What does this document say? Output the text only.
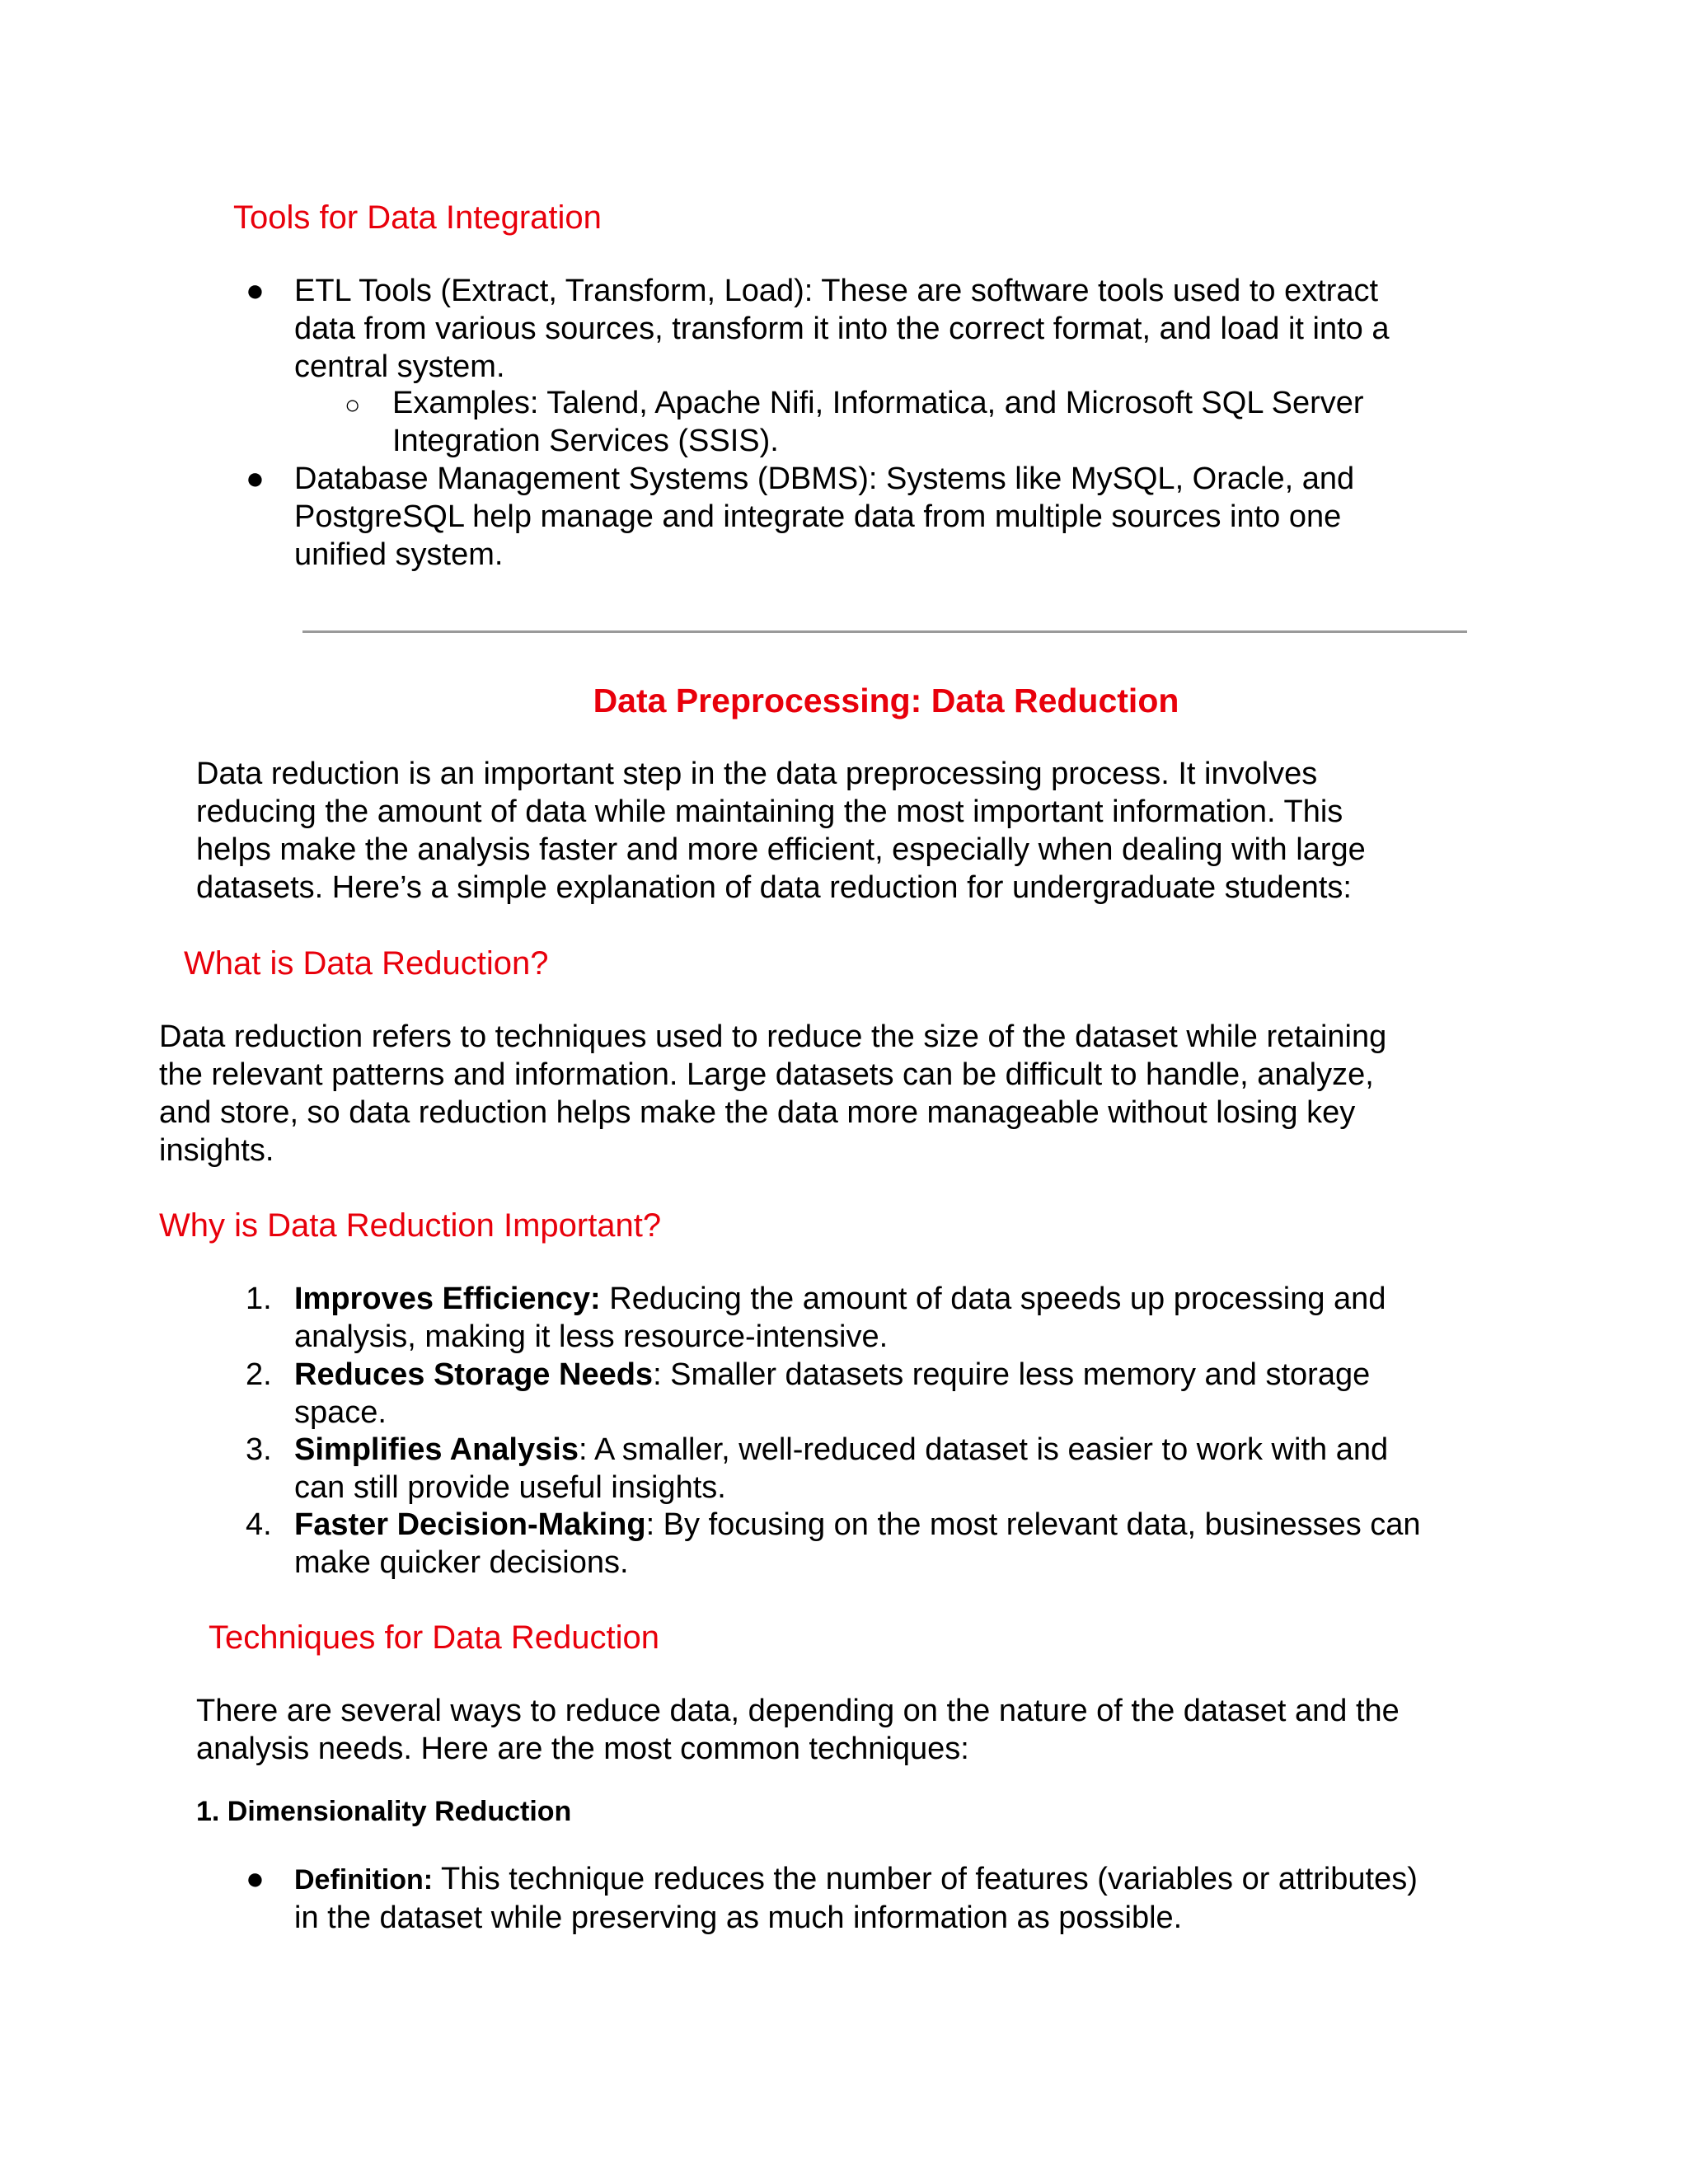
Tools for Data Integration
● ETL Tools (Extract, Transform, Load): These are software tools used to extract
data from various sources, transform it into the correct format, and load it into a
central system.
○ Examples: Talend, Apache Nifi, Informatica, and Microsoft SQL Server
Integration Services (SSIS).
● Database Management Systems (DBMS): Systems like MySQL, Oracle, and
PostgreSQL help manage and integrate data from multiple sources into one
unified system.
Data Preprocessing: Data Reduction
Data reduction is an important step in the data preprocessing process. It involves
reducing the amount of data while maintaining the most important information. This
helps make the analysis faster and more efficient, especially when dealing with large
datasets. Here’s a simple explanation of data reduction for undergraduate students:
What is Data Reduction?
Data reduction refers to techniques used to reduce the size of the dataset while retaining
the relevant patterns and information. Large datasets can be difficult to handle, analyze,
and store, so data reduction helps make the data more manageable without losing key
insights.
Why is Data Reduction Important?
1. Improves Efficiency: Reducing the amount of data speeds up processing and
analysis, making it less resource-intensive.
2. Reduces Storage Needs: Smaller datasets require less memory and storage
space.
3. Simplifies Analysis: A smaller, well-reduced dataset is easier to work with and
can still provide useful insights.
4. Faster Decision-Making: By focusing on the most relevant data, businesses can
make quicker decisions.
Techniques for Data Reduction
There are several ways to reduce data, depending on the nature of the dataset and the
analysis needs. Here are the most common techniques:
1. Dimensionality Reduction
● Definition: This technique reduces the number of features (variables or attributes)
in the dataset while preserving as much information as possible.
